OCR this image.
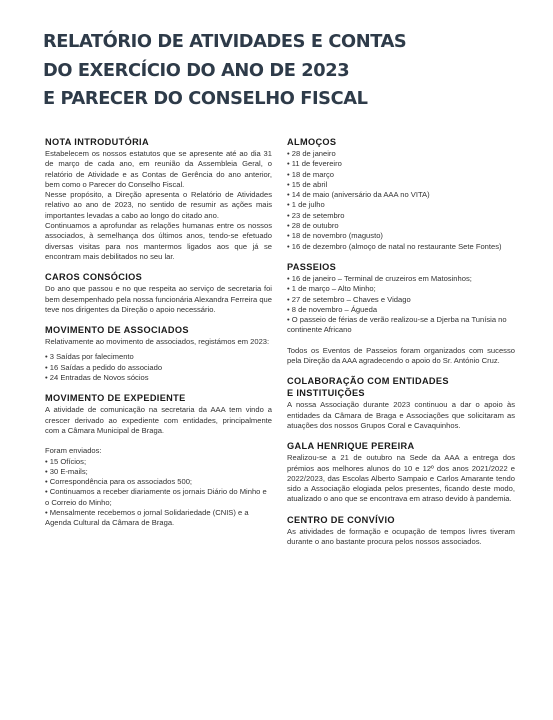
RELATÓRIO DE ATIVIDADES E CONTAS
DO EXERCÍCIO DO ANO DE 2023
E PARECER DO CONSELHO FISCAL
NOTA INTRODUTÓRIA

Estabelecem os nossos estatutos que se apresente até ao dia 31 de março de cada ano, em reunião da Assembleia Geral, o relatório de Atividade e as Contas de Gerência do ano anterior, bem como o Parecer do Conselho Fiscal.

Nesse propósito, a Direção apresenta o Relatório de Atividades relativo ao ano de 2023, no sentido de resumir as ações mais importantes levadas a cabo ao longo do citado ano.

Continuamos a aprofundar as relações humanas entre os nossos associados, à semelhança dos últimos anos, tendo-se efetuado diversas visitas para nos mantermos ligados aos que já se encontram mais debilitados no seu lar.

CAROS CONSÓCIOS

Do ano que passou e no que respeita ao serviço de secretaria foi bem desempenhado pela nossa funcionária Alexandra Ferreira que teve nos dirigentes da Direção o apoio necessário.

MOVIMENTO DE ASSOCIADOS

Relativamente ao movimento de associados, registámos em 2023:

• 3 Saídas por falecimento
• 16 Saídas a pedido do associado
• 24 Entradas de Novos sócios
MOVIMENTO DE EXPEDIENTE

A atividade de comunicação na secretaria da AAA tem vindo a crescer derivado ao expediente com entidades, principalmente com a Câmara Municipal de Braga.

Foram enviados:

• 15 Ofícios;
• 30 E-mails;
• Correspondência para os associados 500;
• Continuamos a receber diariamente os jornais Diário do Minho e o Correio do Minho;
• Mensalmente recebemos o jornal Solidariedade (CNIS) e a Agenda Cultural da Câmara de Braga.
ALMOÇOS
• 28 de janeiro
• 11 de fevereiro
• 18 de março
• 15 de abril
• 14 de maio (aniversário da AAA no VITA)
• 1 de julho
• 23 de setembro
• 28 de outubro
• 18 de novembro (magusto)
• 16 de dezembro (almoço de natal no restaurante Sete Fontes)
PASSEIOS
• 16 de janeiro – Terminal de cruzeiros em Matosinhos;
• 1 de março – Alto Minho;
• 27 de setembro – Chaves e Vidago
• 8 de novembro – Águeda
• O passeio de férias de verão realizou-se a Djerba na Tunísia no continente Africano

Todos os Eventos de Passeios foram organizados com sucesso pela Direção da AAA agradecendo o apoio do Sr. António Cruz.

COLABORAÇÃO COM ENTIDADES
E INSTITUIÇÕES

A nossa Associação durante 2023 continuou a dar o apoio às entidades da Câmara de Braga e Associações que solicitaram as atuações dos nossos Grupos Coral e Cavaquinhos.

GALA HENRIQUE PEREIRA

Realizou-se a 21 de outubro na Sede da AAA a entrega dos prémios aos melhores alunos do 10 e 12º dos anos 2021/2022 e 2022/2023, das Escolas Alberto Sampaio e Carlos Amarante tendo sido a Associação elogiada pelos presentes, ficando deste modo, atualizado o ano que se encontrava em atraso devido à pandemia.

CENTRO DE CONVÍVIO

As atividades de formação e ocupação de tempos livres tiveram durante o ano bastante procura pelos nossos associados.
